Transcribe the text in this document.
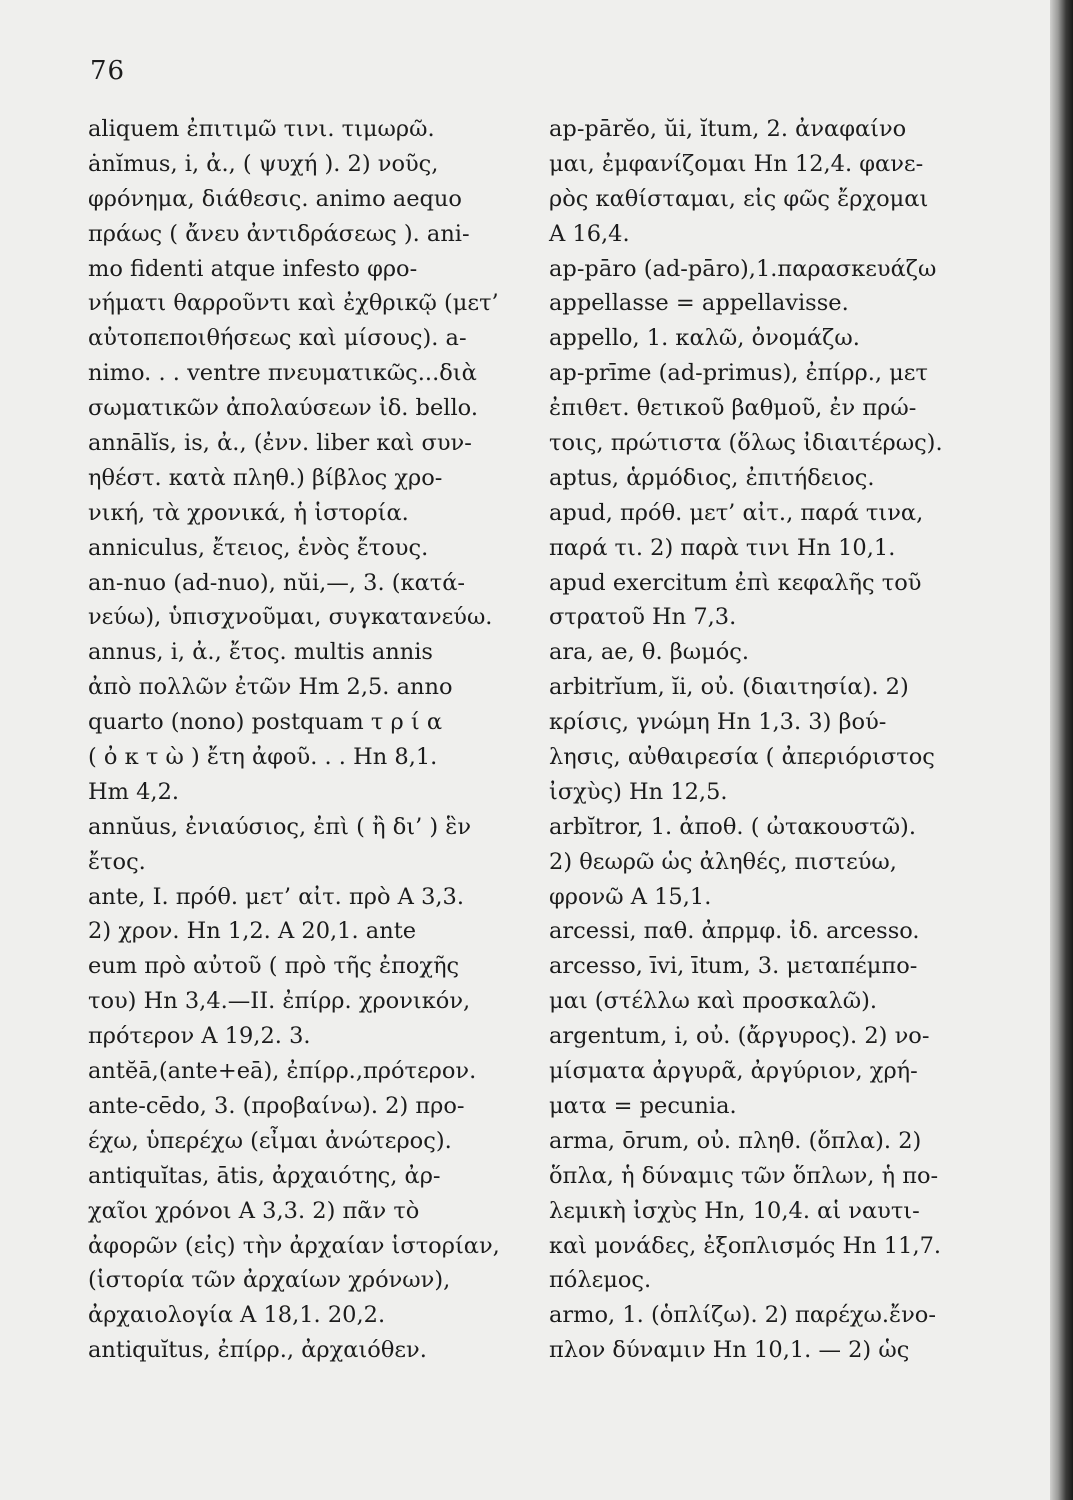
76
aliquem ἐπιτιμῶ τινι. τιμωρῶ.
ȧnĭmus, i, ἀ., ( ψυχή ). 2) νοῦς,
φρόνημα, διάθεσις. animo aequo
πράως ( ἄνευ ἀντιδράσεως ). ani-
mo fidenti atque infesto φρο-
νήματι θαρροῦντι καὶ ἐχθρικῷ (μετ’
αὐτοπεποιθήσεως καὶ μίσους). a-
nimo. . . ventre πνευματικῶς...διὰ
σωματικῶν ἀπολαύσεων ἰδ. bello.
annālĭs, is, ἀ., (ἐνν. liber καὶ συν-
ηθέστ. κατὰ πληθ.) βίβλος χρο-
νική, τὰ χρονικά, ἡ ἱστορία.
anniculus, ἔτειος, ἑνὸς ἔτους.
an-nuo (ad-nuo), nŭi,—, 3. (κατά-
νεύω), ὑπισχνοῦμαι, συγκατανεύω.
annus, i, ἀ., ἔτος. multis annis
ἀπὸ πολλῶν ἐτῶν Hm 2,5. anno
quarto (nono) postquam τ ρ ί α
( ὀ κ τ ὼ ) ἔτη ἀφοῦ. . . Hn 8,1.
Hm 4,2.
annŭus, ἐνιαύσιος, ἐπὶ ( ἢ δι’ ) ἓν
ἔτος.
ante, I. πρόθ. μετ’ αἰτ. πρὸ A 3,3.
2) χρον. Hn 1,2. A 20,1. ante
eum πρὸ αὐτοῦ ( πρὸ τῆς ἐποχῆς
του) Hn 3,4.—II. ἐπίρρ. χρονικόν,
πρότερον A 19,2. 3.
antĕā,(ante+eā), ἐπίρρ.,πρότερον.
ante-cēdo, 3. (προβαίνω). 2) προ-
έχω, ὑπερέχω (εἶμαι ἀνώτερος).
antiquĭtas, ātis, ἀρχαιότης, ἀρ-
χαῖοι χρόνοι A 3,3. 2) πᾶν τὸ
ἀφορῶν (εἰς) τὴν ἀρχαίαν ἱστορίαν,
(ἱστορία τῶν ἀρχαίων χρόνων),
ἀρχαιολογία A 18,1. 20,2.
antiquĭtus, ἐπίρρ., ἀρχαιόθεν.
ap-pārĕo, ŭi, ĭtum, 2. ἀναφαίνο
μαι, ἐμφανίζομαι Hn 12,4. φανε-
ρὸς καθίσταμαι, εἰς φῶς ἔρχομαι
A 16,4.
ap-pāro (ad-pāro),1.παρασκευάζω
appellasse = appellavisse.
appello, 1. καλῶ, ὀνομάζω.
ap-prīme (ad-primus), ἐπίρρ., μετ
ἐπιθετ. θετικοῦ βαθμοῦ, ἐν πρώ-
τοις, πρώτιστα (ὅλως ἰδιαιτέρως).
aptus, ἁρμόδιος, ἐπιτήδειος.
apud, πρόθ. μετ’ αἰτ., παρά τινα,
παρά τι. 2) παρὰ τινι Hn 10,1.
apud exercitum ἐπὶ κεφαλῆς τοῦ
στρατοῦ Hn 7,3.
ara, ae, θ. βωμός.
arbitrĭum, ĭi, οὐ. (διαιτησία). 2)
κρίσις, γνώμη Hn 1,3. 3) βού-
λησις, αὐθαιρεσία ( ἀπεριόριστος
ἰσχὺς) Hn 12,5.
arbĭtror, 1. ἀποθ. ( ὠτακουστῶ).
2) θεωρῶ ὡς ἀληθές, πιστεύω,
φρονῶ A 15,1.
arcessi, παθ. ἀπρμφ. ἰδ. arcesso.
arcesso, īvi, ītum, 3. μεταπέμπο-
μαι (στέλλω καὶ προσκαλῶ).
argentum, i, οὐ. (ἄργυρος). 2) νο-
μίσματα ἀργυρᾶ, ἀργύριον, χρή-
ματα = pecunia.
arma, ōrum, οὐ. πληθ. (ὅπλα). 2)
ὅπλα, ἡ δύναμις τῶν ὅπλων, ἡ πο-
λεμικὴ ἰσχὺς Hn, 10,4. αἱ ναυτι-
καὶ μονάδες, ἐξοπλισμός Hn 11,7.
πόλεμος.
armo, 1. (ὁπλίζω). 2) παρέχω.ἔνο-
πλον δύναμιν Hn 10,1. — 2) ὡς
